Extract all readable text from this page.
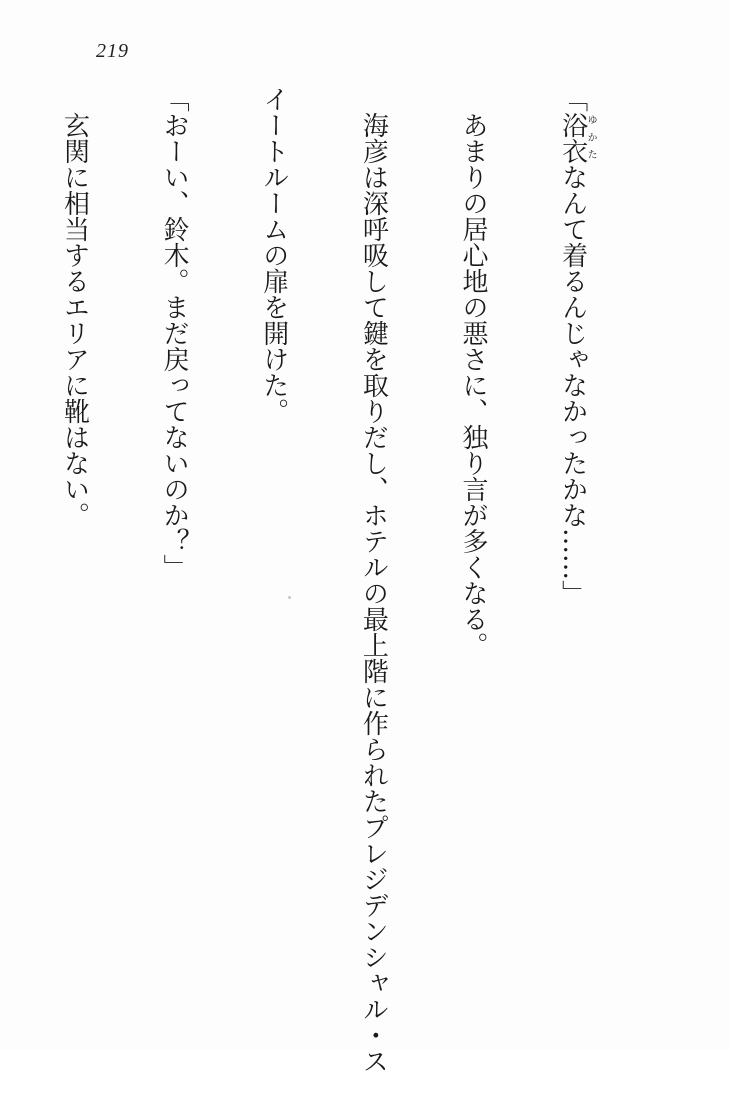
219

「浴衣ゆかたなんて着るんじゃなかったかな……」

　あまりの居心地の悪さに、独り言が多くなる。

　海彦は深呼吸して鍵を取りだし、ホテルの最上階に作られたプレジデンシャル・ス

イートルームの扉を開けた。

「おーい、鈴木。まだ戻ってないのか？」

　玄関に相当するエリアに靴はない。
